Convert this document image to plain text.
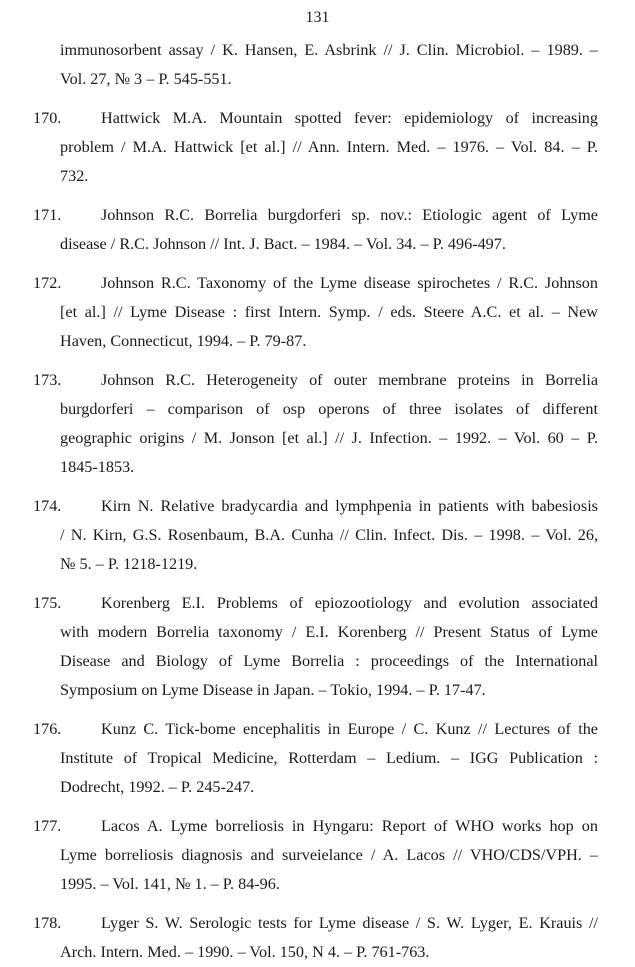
131

immunosorbent assay / K. Hansen, E. Asbrink // J. Clin. Microbiol. – 1989. –
Vol. 27, № 3 – P. 545-551.

170.	Hattwick M.A. Mountain spotted fever: epidemiology of increasing
problem / M.A. Hattwick [et al.] // Ann. Intern. Med. – 1976. – Vol. 84. – P.
732.

171.	Johnson R.C. Borrelia burgdorferi sp. nov.: Etiologic agent of Lyme
disease / R.C. Johnson // Int. J. Bact. – 1984. – Vol. 34. – P. 496-497.

172.	Johnson R.C. Taxonomy of the Lyme disease spirochetes / R.C. Johnson
[et al.] // Lyme Disease : first Intern. Symp. / eds. Steere A.C. et al. – New
Haven, Connecticut, 1994. – P. 79-87.

173.	Johnson R.C. Heterogeneity of outer membrane proteins in Borrelia
burgdorferi – comparison of osp operons of three isolates of different
geographic origins / M. Jonson [et al.] // J. Infection. – 1992. – Vol. 60 – P.
1845-1853.

174.	Kirn N. Relative bradycardia and lymphpenia in patients with babesiosis
/ N. Kirn, G.S. Rosenbaum, B.A. Cunha // Clin. Infect. Dis. – 1998. – Vol. 26,
№ 5. – P. 1218-1219.

175.	Korenberg E.I. Problems of epiozootiology and evolution associated
with modern Borrelia taxonomy / E.I. Korenberg // Present Status of Lyme
Disease and Biology of Lyme Borrelia : proceedings of the International
Symposium on Lyme Disease in Japan. – Tokio, 1994. – P. 17-47.

176.	Kunz C. Tick-bome encephalitis in Europe / C. Kunz // Lectures of the
Institute of Tropical Medicine, Rotterdam – Ledium. – IGG Publication :
Dodrecht, 1992. – P. 245-247.

177.	Lacos A. Lyme borreliosis in Hyngaru: Report of WHO works hop on
Lyme borreliosis diagnosis and surveielance / A. Lacos // VHO/CDS/VPH. –
1995. – Vol. 141, № 1. – P. 84-96.

178.	Lyger S. W. Serologic tests for Lyme disease / S. W. Lyger, E. Krauis //
Arch. Intern. Med. – 1990. – Vol. 150, N 4. – P. 761-763.
